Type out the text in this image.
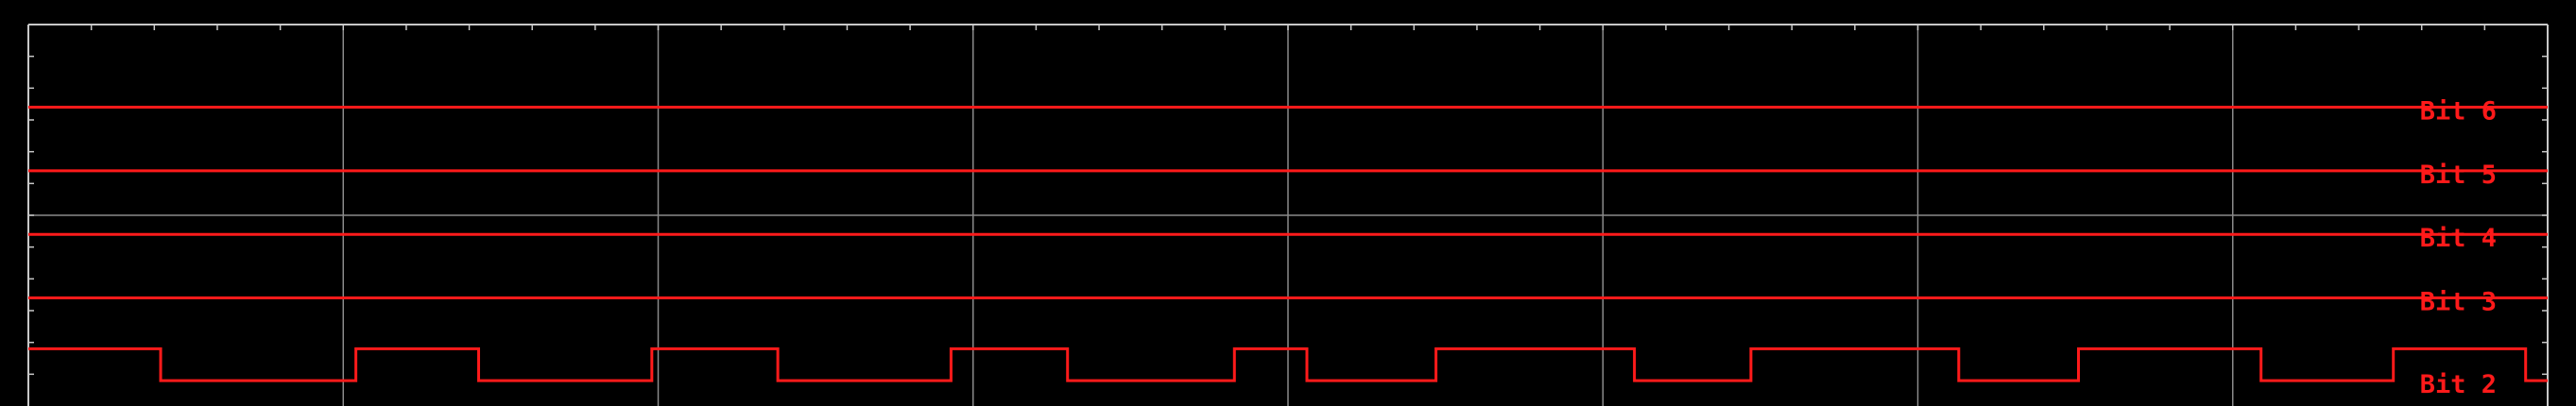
Bit 6
Bit 5
Bit 4
Bit 3
Bit 2
